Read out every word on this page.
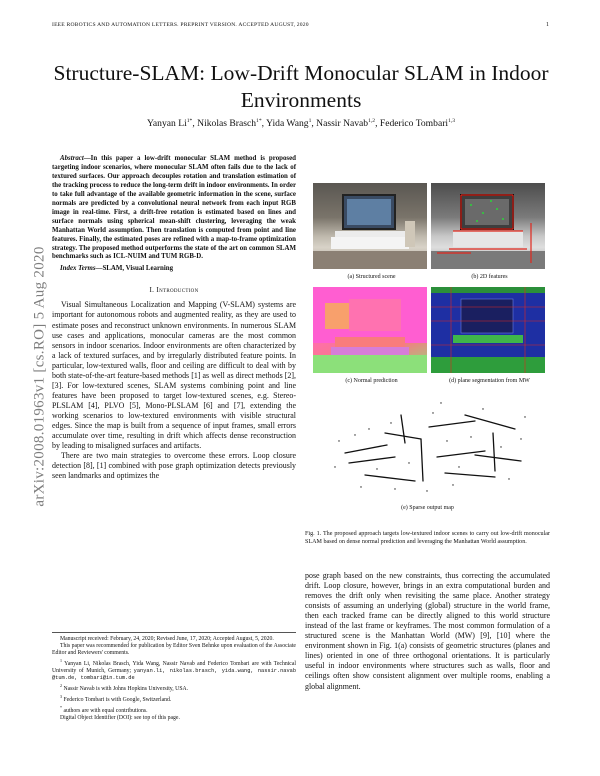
IEEE ROBOTICS AND AUTOMATION LETTERS. PREPRINT VERSION. ACCEPTED AUGUST, 2020	1
arXiv:2008.01963v1 [cs.RO] 5 Aug 2020
Structure-SLAM: Low-Drift Monocular SLAM in Indoor Environments
Yanyan $Li^{1*}$, Nikolas Brasch$^{1*}$, Yida Wang$^1$, Nassir Navab$^{1,2}$, Federico Tombari$^{1,3}$

Abstract—In this paper a low-drift monocular SLAM method is proposed targeting indoor scenarios, where monocular SLAM often fails due to the lack of textured surfaces. Our approach decouples rotation and translation estimation of the tracking process to reduce the long-term drift in indoor environments. In order to take full advantage of the available geometric information in the scene, surface normals are predicted by a convolutional neural network from each input RGB image in real-time. First, a drift-free rotation is estimated based on lines and surface normals using spherical mean-shift clustering, leveraging the weak Manhattan World assumption. Then translation is computed from point and line features. Finally, the estimated poses are refined with a map-to-frame optimization strategy. The proposed method outperforms the state of the art on common SLAM benchmarks such as ICL-NUIM and TUM RGB-D.

Index Terms—SLAM, Visual Learning

I. Introduction

Visual Simultaneous Localization and Mapping (V-SLAM) systems are important for autonomous robots and augmented reality, as they are used to estimate poses and reconstruct unknown environments. In numerous SLAM use cases and applications, monocular cameras are the most common sensors in indoor scenarios. Indoor environments are often characterized by a lack of textured surfaces, and by irregularly distributed feature points. In particular, low-textured walls, floor and ceiling are difficult to deal with by both state-of-the-art feature-based methods [1] as well as direct methods [2], [3]. For low-textured scenes, SLAM systems combining point and line features have been proposed to target low-textured scenes, e.g. Stereo-PLSLAM [4], PLVO [5], Mono-PLSLAM [6] and [7], extending the working scenarios to low-textured environments with visible structural edges. Since the map is built from a sequence of input frames, small errors accumulate over time, resulting in drift which affects dense reconstruction by leading to misaligned surfaces and artifacts.

There are two main strategies to overcome these errors. Loop closure detection [8], [1] combined with pose graph optimization detects previously seen landmarks and optimizes the

Manuscript received: February, 24, 2020; Revised June, 17, 2020; Accepted August, 5, 2020.

This paper was recommended for publication by Editor Sven Behnke upon evaluation of the Associate Editor and Reviewers' comments.

$^1$ Yanyan Li, Nikolas Brasch, Yida Wang, Nassir Navab and Federico Tombari are with Technical University of Munich, Germany; yanyan.li, nikolas.brasch, yida.wang, nassir.navab @tum.de, tombari@in.tum.de

$^2$ Nassir Navab is with Johns Hopkins University, USA.

$^3$ Federico Tombari is with Google, Switzerland.

* authors are with equal contributions.

Digital Object Identifier (DOI): see top of this page.

(a) Structured scene	(b) 2D features
(c) Normal prediction	(d) plane segmentation from MW
(e) Sparse output map

Fig. 1. The proposed approach targets low-textured indoor scenes to carry out low-drift monocular SLAM based on dense normal prediction and leveraging the Manhattan World assumption.

pose graph based on the new constraints, thus correcting the accumulated drift. Loop closure, however, brings in an extra computational burden and removes the drift only when revisiting the same place. Another strategy consists of assuming an underlying (global) structure in the world frame, then each tracked frame can be directly aligned to this world structure instead of the last frame or keyframes. The most common formulation of a structured scene is the Manhattan World (MW) [9], [10] where the environment shown in Fig. 1(a) consists of geometric structures (planes and lines) oriented in one of three orthogonal orientations. It is particularly useful in indoor environments where structures such as walls, floor and ceilings often show consistent alignment over multiple rooms, enabling a global alignment.
